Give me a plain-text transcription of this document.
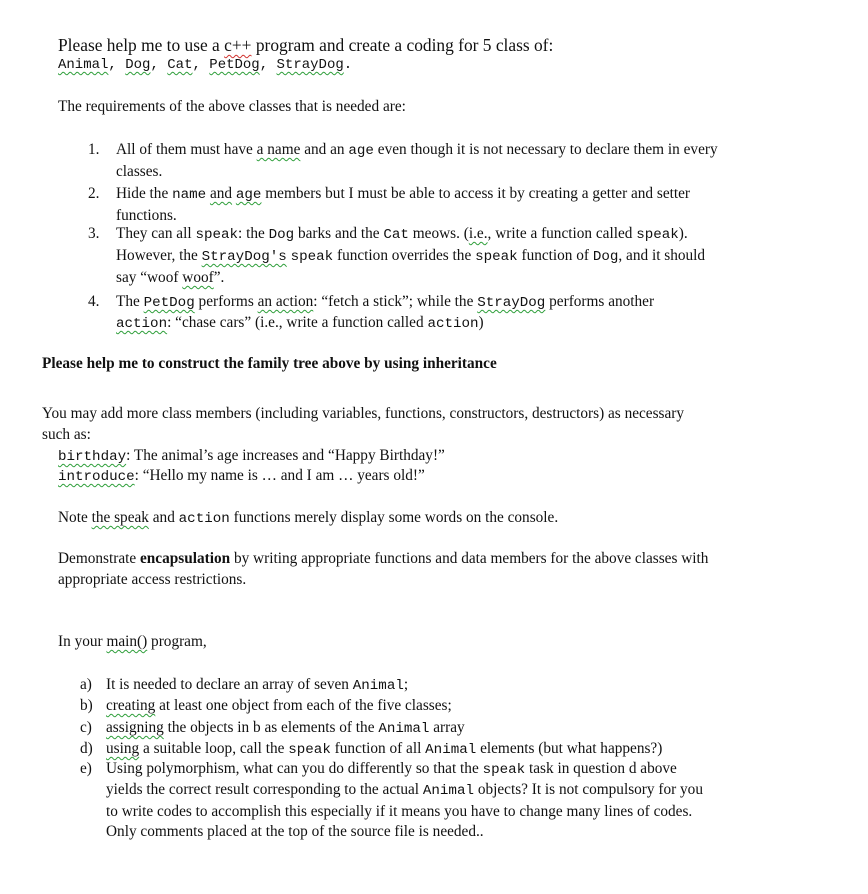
Please help me to use a c++ program and create a coding for 5 class of:
Animal, Dog, Cat, PetDog, StrayDog.
The requirements of the above classes that is needed are:
1. All of them must have a name and an age even though it is not necessary to declare them in every
classes.
2. Hide the name and age members but I must be able to access it by creating a getter and setter
functions.
3. They can all speak: the Dog barks and the Cat meows. (i.e., write a function called speak).
However, the StrayDog's speak function overrides the speak function of Dog, and it should
say “woof woof”.
4. The PetDog performs an action: “fetch a stick”; while the StrayDog performs another
action: “chase cars” (i.e., write a function called action)
Please help me to construct the family tree above by using inheritance
You may add more class members (including variables, functions, constructors, destructors) as necessary
such as:
birthday: The animal’s age increases and “Happy Birthday!”
introduce: “Hello my name is … and I am … years old!”
Note the speak and action functions merely display some words on the console.
Demonstrate encapsulation by writing appropriate functions and data members for the above classes with
appropriate access restrictions.
In your main() program,
a) It is needed to declare an array of seven Animal;
b) creating at least one object from each of the five classes;
c) assigning the objects in b as elements of the Animal array
d) using a suitable loop, call the speak function of all Animal elements (but what happens?)
e) Using polymorphism, what can you do differently so that the speak task in question d above
yields the correct result corresponding to the actual Animal objects? It is not compulsory for you
to write codes to accomplish this especially if it means you have to change many lines of codes.
Only comments placed at the top of the source file is needed..
